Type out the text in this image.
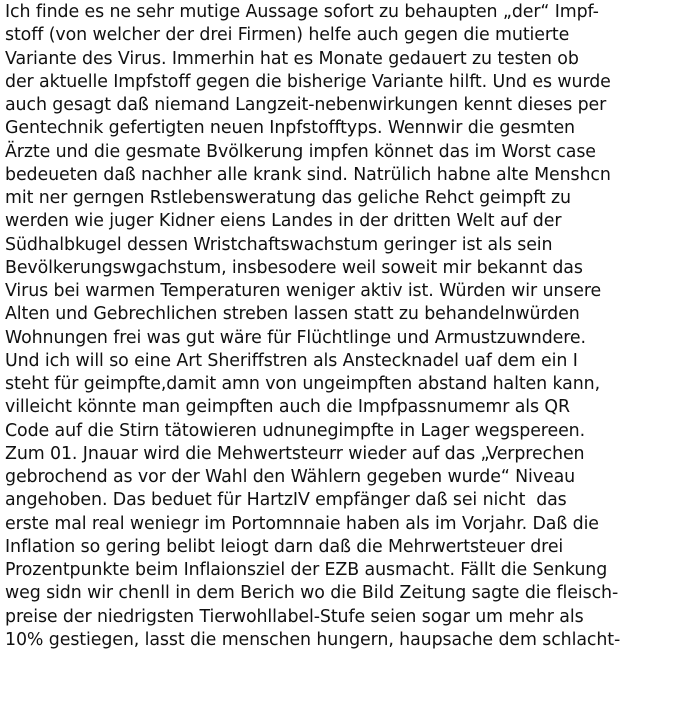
Ich finde es ne sehr mutige Aussage sofort zu behaupten „der“ Impf-
stoff (von welcher der drei Firmen) helfe auch gegen die mutierte
Variante des Virus. Immerhin hat es Monate gedauert zu testen ob
der aktuelle Impfstoff gegen die bisherige Variante hilft. Und es wurde
auch gesagt daß niemand Langzeit-nebenwirkungen kennt dieses per
Gentechnik gefertigten neuen Inpfstofftyps. Wennwir die gesmten
Ärzte und die gesmate Bvölkerung impfen könnet das im Worst case
bedeueten daß nachher alle krank sind. Natrülich habne alte Menshcn
mit ner gerngen Rstlebensweratung das geliche Rehct geimpft zu
werden wie juger Kidner eiens Landes in der dritten Welt auf der
Südhalbkugel dessen Wristchaftswachstum geringer ist als sein
Bevölkerungswgachstum, insbesodere weil soweit mir bekannt das
Virus bei warmen Temperaturen weniger aktiv ist. Würden wir unsere
Alten und Gebrechlichen streben lassen statt zu behandelnwürden
Wohnungen frei was gut wäre für Flüchtlinge und Armustzuwndere.
Und ich will so eine Art Sheriffstren als Anstecknadel uaf dem ein I
steht für geimpfte,damit amn von ungeimpften abstand halten kann,
villeicht könnte man geimpften auch die Impfpassnumemr als QR
Code auf die Stirn tätowieren udnunegimpfte in Lager wegspereen.
Zum 01. Jnauar wird die Mehwertsteurr wieder auf das „Verprechen
gebrochend as vor der Wahl den Wählern gegeben wurde“ Niveau
angehoben. Das beduet für HartzIV empfänger daß sei nicht  das
erste mal real weniegr im Portomnnaie haben als im Vorjahr. Daß die
Inflation so gering belibt leiogt darn daß die Mehrwertsteuer drei
Prozentpunkte beim Inflaionsziel der EZB ausmacht. Fällt die Senkung
weg sidn wir chenll in dem Berich wo die Bild Zeitung sagte die fleisch-
preise der niedrigsten Tierwohllabel-Stufe seien sogar um mehr als
10% gestiegen, lasst die menschen hungern, haupsache dem schlacht-
